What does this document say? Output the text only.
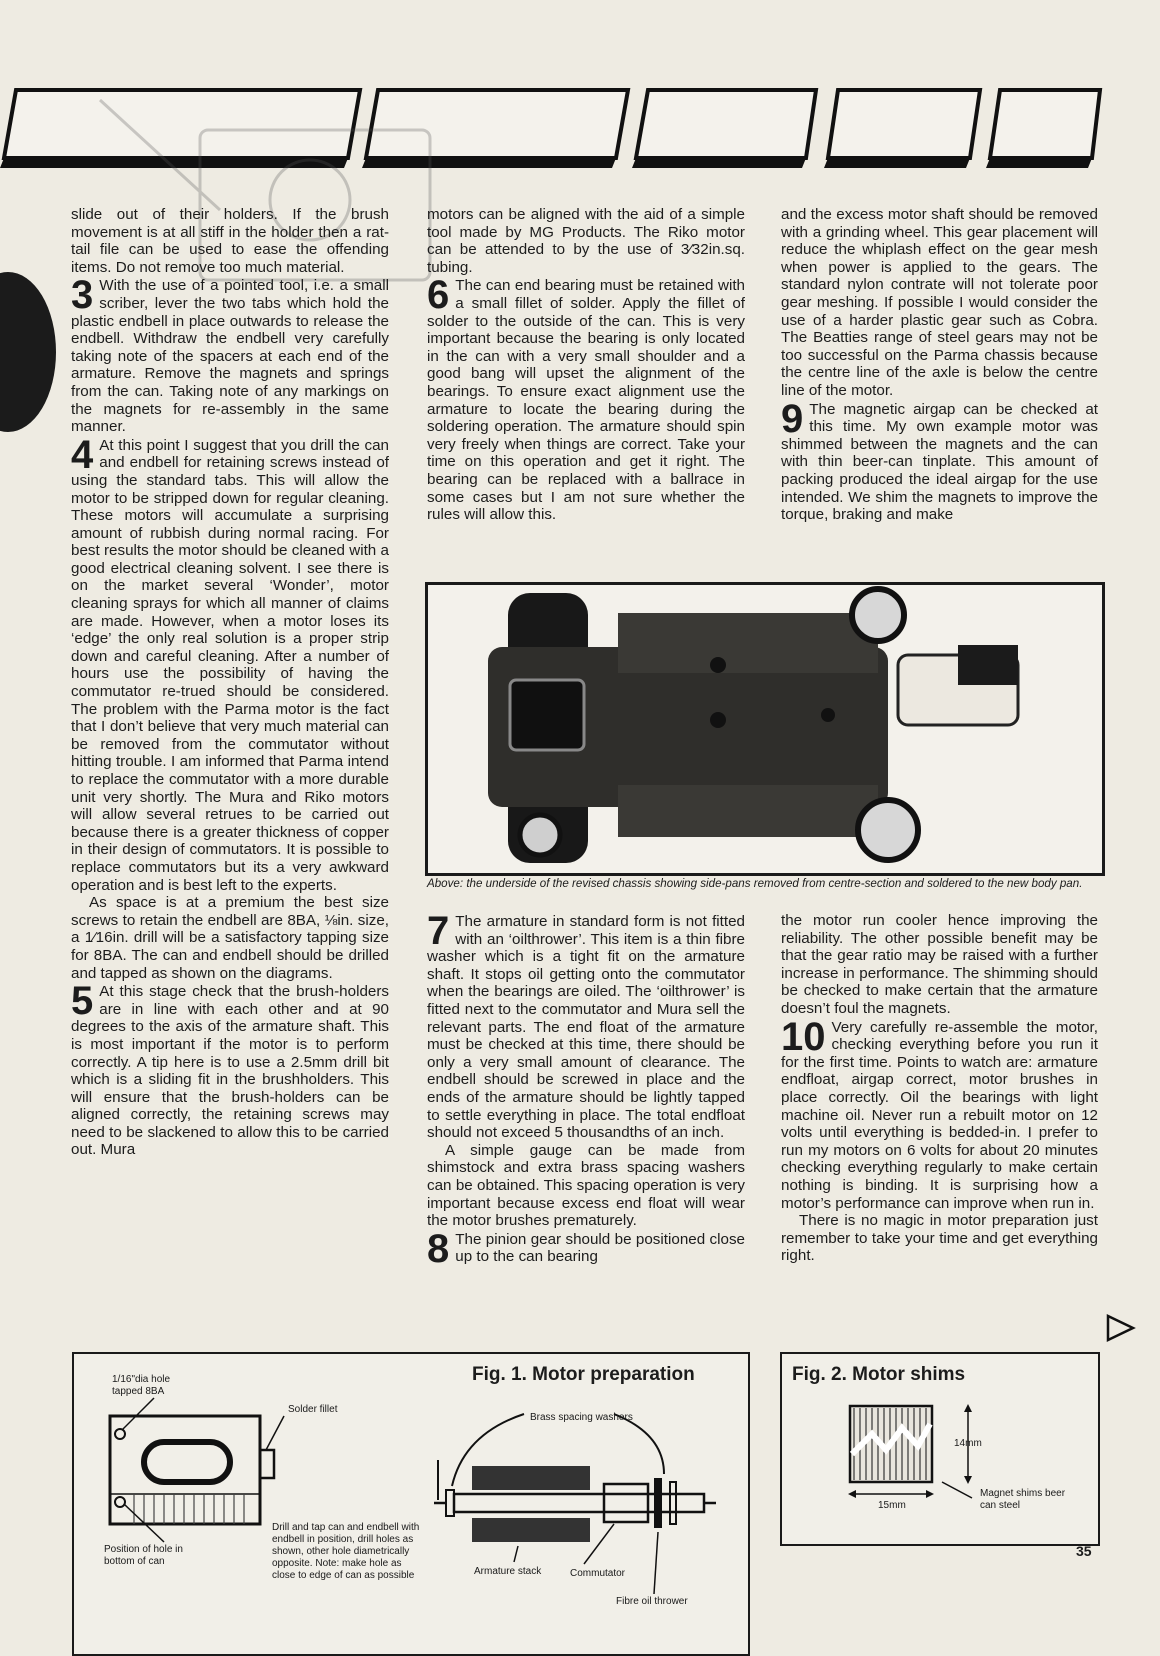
slide out of their holders. If the brush movement is at all stiff in the holder then a rat-tail file can be used to ease the offending items. Do not remove too much material.

3 With the use of a pointed tool, i.e. a small scriber, lever the two tabs which hold the plastic endbell in place outwards to release the endbell. Withdraw the endbell very carefully taking note of the spacers at each end of the armature. Remove the magnets and springs from the can. Taking note of any markings on the magnets for re-assembly in the same manner.

4 At this point I suggest that you drill the can and endbell for retaining screws instead of using the standard tabs. This will allow the motor to be stripped down for regular cleaning. These motors will accumulate a surprising amount of rubbish during normal racing. For best results the motor should be cleaned with a good electrical cleaning solvent. I see there is on the market several ‘Wonder’, motor cleaning sprays for which all manner of claims are made. However, when a motor loses its ‘edge’ the only real solution is a proper strip down and careful cleaning. After a number of hours use the possibility of having the commutator re-trued should be considered. The problem with the Parma motor is the fact that I don’t believe that very much material can be removed from the commutator without hitting trouble. I am informed that Parma intend to replace the commutator with a more durable unit very shortly. The Mura and Riko motors will allow several retrues to be carried out because there is a greater thickness of copper in their design of commutators. It is possible to replace commutators but its a very awkward operation and is best left to the experts.

As space is at a premium the best size screws to retain the endbell are 8BA, ⅛in. size, a 1⁄16in. drill will be a satisfactory tapping size for 8BA. The can and endbell should be drilled and tapped as shown on the diagrams.

5 At this stage check that the brush-holders are in line with each other and at 90 degrees to the axis of the armature shaft. This is most important if the motor is to perform correctly. A tip here is to use a 2.5mm drill bit which is a sliding fit in the brushholders. This will ensure that the brush-holders can be aligned correctly, the retaining screws may need to be slackened to allow this to be carried out. Mura

motors can be aligned with the aid of a simple tool made by MG Products. The Riko motor can be attended to by the use of 3⁄32in.sq. tubing.

6 The can end bearing must be retained with a small fillet of solder. Apply the fillet of solder to the outside of the can. This is very important because the bearing is only located in the can with a very small shoulder and a good bang will upset the alignment of the bearings. To ensure exact alignment use the armature to locate the bearing during the soldering operation. The armature should spin very freely when things are correct. Take your time on this operation and get it right. The bearing can be replaced with a ballrace in some cases but I am not sure whether the rules will allow this.

and the excess motor shaft should be removed with a grinding wheel. This gear placement will reduce the whiplash effect on the gear mesh when power is applied to the gears. The standard nylon contrate will not tolerate poor gear meshing. If possible I would consider the use of a harder plastic gear such as Cobra. The Beatties range of steel gears may not be too successful on the Parma chassis because the centre line of the axle is below the centre line of the motor.

9 The magnetic airgap can be checked at this time. My own example motor was shimmed between the magnets and the can with thin beer-can tinplate. This amount of packing produced the ideal airgap for the use intended. We shim the magnets to improve the torque, braking and make

Above: the underside of the revised chassis showing side-pans removed from centre-section and soldered to the new body pan.

7 The armature in standard form is not fitted with an ‘oilthrower’. This item is a thin fibre washer which is a tight fit on the armature shaft. It stops oil getting onto the commutator when the bearings are oiled. The ‘oilthrower’ is fitted next to the commutator and Mura sell the relevant parts. The end float of the armature must be checked at this time, there should be only a very small amount of clearance. The endbell should be screwed in place and the ends of the armature should be lightly tapped to settle everything in place. The total endfloat should not exceed 5 thousandths of an inch.

A simple gauge can be made from shimstock and extra brass spacing washers can be obtained. This spacing operation is very important because excess end float will wear the motor brushes prematurely.

8 The pinion gear should be positioned close up to the can bearing

the motor run cooler hence improving the reliability. The other possible benefit may be that the gear ratio may be raised with a further increase in performance. The shimming should be checked to make certain that the armature doesn’t foul the magnets.

10 Very carefully re-assemble the motor, checking everything before you run it for the first time. Points to watch are: armature endfloat, airgap correct, motor brushes in place correctly. Oil the bearings with light machine oil. Never run a rebuilt motor on 12 volts until everything is bedded-in. I prefer to run my motors on 6 volts for about 20 minutes checking everything regularly to make certain nothing is binding. It is surprising how a motor’s performance can improve when run in.

There is no magic in motor preparation just remember to take your time and get everything right.

Fig. 1. Motor preparation
1/16"dia hole tapped 8BA
Solder fillet
Brass spacing washers
Position of hole in bottom of can
Drill and tap can and endbell with endbell in position, drill holes as shown, other hole diametrically opposite. Note: make hole as close to edge of can as possible	Armature stack	Commutator
Fibre oil thrower
Fig. 2. Motor shims
14mm
15mm
Magnet shims beer can steel
35
